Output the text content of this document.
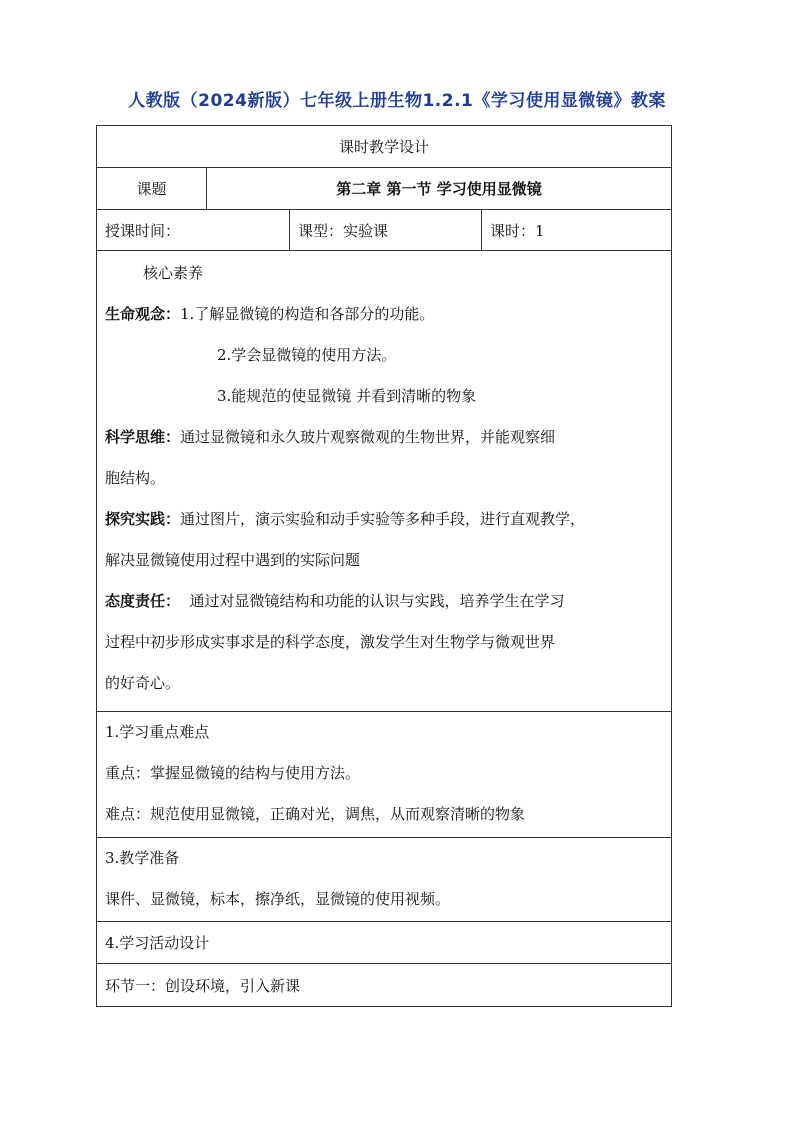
人教版（2024新版）七年级上册生物1.2.1《学习使用显微镜》教案
课时教学设计
课题	第二章 第一节 学习使用显微镜
授课时间：	课型：实验课	课时：1
核心素养
生命观念：1.了解显微镜的构造和各部分的功能。
2.学会显微镜的使用方法。
3.能规范的使显微镜 并看到清晰的物象
科学思维：通过显微镜和永久玻片观察微观的生物世界，并能观察细
胞结构。
探究实践：通过图片，演示实验和动手实验等多种手段，进行直观教学，
解决显微镜使用过程中遇到的实际问题
态度责任：  通过对显微镜结构和功能的认识与实践，培养学生在学习
过程中初步形成实事求是的科学态度，激发学生对生物学与微观世界
的好奇心。
1.学习重点难点
重点：掌握显微镜的结构与使用方法。
难点：规范使用显微镜，正确对光，调焦，从而观察清晰的物象
3.教学准备
课件、显微镜，标本，擦净纸，显微镜的使用视频。
4.学习活动设计
环节一：创设环境，引入新课
